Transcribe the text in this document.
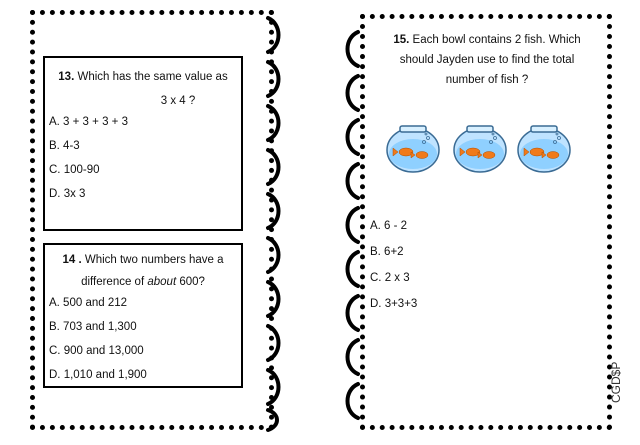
13. Which has the same value as
3 x 4 ?
A. 3 + 3 + 3 + 3
B. 4-3
C. 100-90
D. 3x 3
14 . Which two numbers have a
difference of about 600?
A. 500 and 212
B. 703 and 1,300
C. 900 and 13,000
D. 1,010 and 1,900
15. Each bowl contains 2 fish. Which
should Jayden use to find the total
number of fish ?
A. 6 - 2
B. 6+2
C. 2 x 3
D. 3+3+3
CGD$P
